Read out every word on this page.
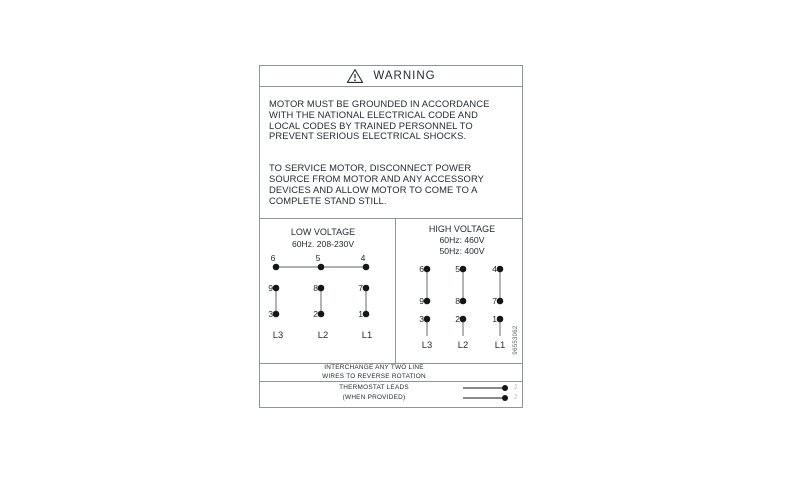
WARNING
MOTOR MUST BE GROUNDED IN ACCORDANCE
WITH THE NATIONAL ELECTRICAL CODE AND
LOCAL CODES BY TRAINED PERSONNEL TO
PREVENT SERIOUS ELECTRICAL SHOCKS.
TO SERVICE MOTOR, DISCONNECT POWER
SOURCE FROM MOTOR AND ANY ACCESSORY
DEVICES AND ALLOW MOTOR TO COME TO A
COMPLETE STAND STILL.
LOW VOLTAGE
60Hz. 208-230V
6
9
3
L3
5
8
2
L2
4
7
1
L1
HIGH VOLTAGE
60Hz: 460V
50Hz: 400V
6
9
3
L3
5
8
2
L2
4
7
1
L1 96553062
INTERCHANGE ANY TWO LINE
WIRES TO REVERSE ROTATION
THERMOSTAT LEADS
(WHEN PROVIDED)
J
J
